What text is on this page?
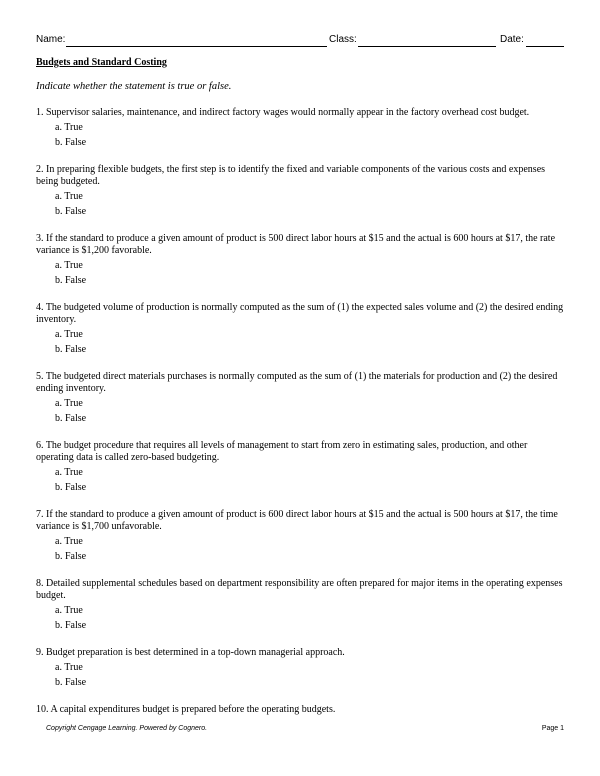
Name:	Class:	Date:

Budgets and Standard Costing

Indicate whether the statement is true or false.

1. Supervisor salaries, maintenance, and indirect factory wages would normally appear in the factory overhead cost budget.

a. True

b. False

2. In preparing flexible budgets, the first step is to identify the fixed and variable components of the various costs and expenses being budgeted.

a. True

b. False

3. If the standard to produce a given amount of product is 500 direct labor hours at $15 and the actual is 600 hours at $17, the rate variance is $1,200 favorable.

a. True

b. False

4. The budgeted volume of production is normally computed as the sum of (1) the expected sales volume and (2) the desired ending inventory.

a. True

b. False

5. The budgeted direct materials purchases is normally computed as the sum of (1) the materials for production and (2) the desired ending inventory.

a. True

b. False

6. The budget procedure that requires all levels of management to start from zero in estimating sales, production, and other operating data is called zero-based budgeting.

a. True

b. False

7. If the standard to produce a given amount of product is 600 direct labor hours at $15 and the actual is 500 hours at $17, the time variance is $1,700 unfavorable.

a. True

b. False

8. Detailed supplemental schedules based on department responsibility are often prepared for major items in the operating expenses budget.

a. True

b. False

9. Budget preparation is best determined in a top-down managerial approach.

a. True

b. False

10. A capital expenditures budget is prepared before the operating budgets.

Copyright Cengage Learning. Powered by Cognero.	Page 1
